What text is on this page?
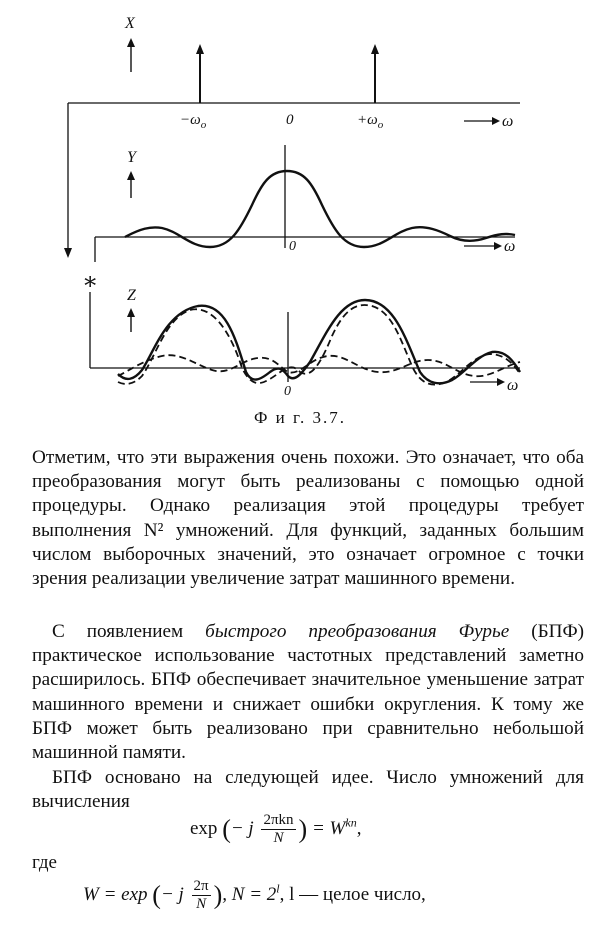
X
$-\omega_o$	0	$+\omega_o$	ω
∗
Y
0	ω
Z
0	ω
Ф и г. 3.7.

Отметим, что эти выражения очень похожи. Это означает, что оба преобразования могут быть реализованы с помощью одной процедуры. Однако реализация этой процедуры требует выполнения N² умножений. Для функций, заданных большим числом выборочных значений, это означает огромное с точки зрения реализации увеличение затрат машинного времени.

С появлением быстрого преобразования Фурье (БПФ) практическое использование частотных представлений заметно расширилось. БПФ обеспечивает значительное уменьшение затрат машинного времени и снижает ошибки округления. К тому же БПФ может быть реализовано при сравнительно небольшой машинной памяти.

БПФ основано на следующей идее. Число умножений для вычисления

exp (− j $\frac{\text{2πkn}}{N}$ ) = $W^{kn}$,
где
W = exp (− j $\frac{2\pi}{N}$ ), $N = 2^l$, l — целое число,
